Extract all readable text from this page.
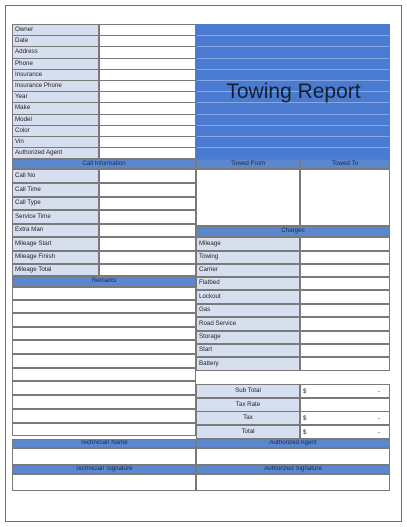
Owner
Date
Address
Phone
Insurance
Insurance Phone
Year
Make
Model
Color
Vin
Authorized Agent
Towing Report
Call Information
Call No
Call Time
Call Type
Service Time
Extra Man
Mileage Start
Mileage Finish
Mileage Total
Towed From	Towed To
Charges
Mileage
Towing
Carrier
Flatbed
Lockout
Gas
Road Service
Storage
Start
Battery
Remarks
Sub Total	$	-
Tax Rate
Tax	$	-
Total	$	-
Technician Name	Authorized Agent
Technician Signature	Authorized Signature
